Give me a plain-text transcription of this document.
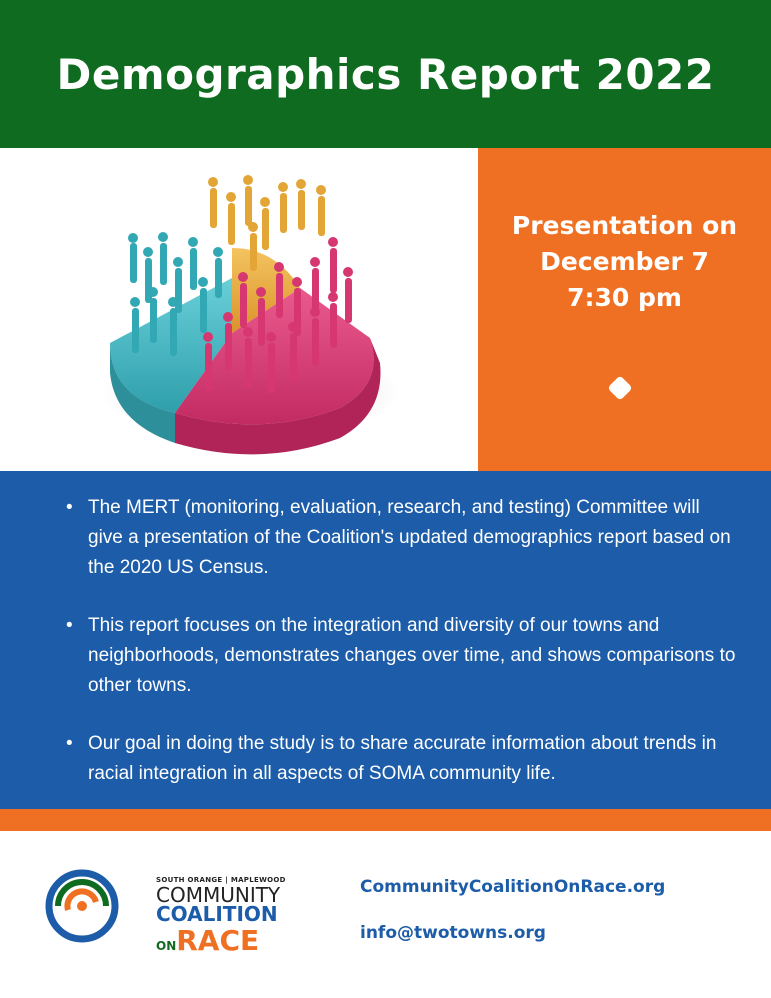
Demographics Report 2022
Presentation on
December 7
7:30 pm
• The MERT (monitoring, evaluation, research, and testing) Committee will give a presentation of the Coalition's updated demographics report based on the 2020 US Census.
• This report focuses on the integration and diversity of our towns and neighborhoods, demonstrates changes over time, and shows comparisons to other towns.
• Our goal in doing the study is to share accurate information about trends in racial integration in all aspects of SOMA community life.
SOUTH ORANGE | MAPLEWOOD
COMMUNITY
COALITION
ONRACE
CommunityCoalitionOnRace.org
info@twotowns.org
